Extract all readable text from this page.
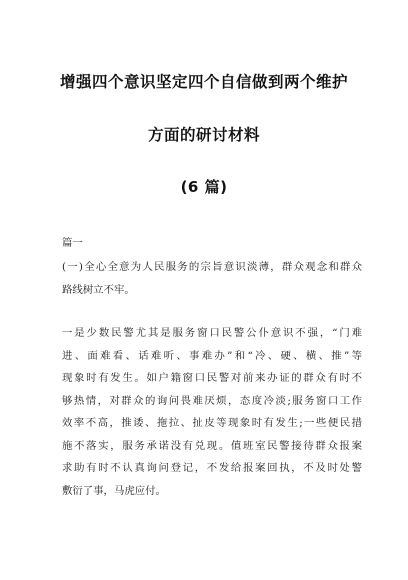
增强四个意识坚定四个自信做到两个维护
方面的研讨材料
(6 篇)
篇一
(一)全心全意为人民服务的宗旨意识淡薄，群众观念和群众
路线树立不牢。
一是少数民警尤其是服务窗口民警公仆意识不强，“门难
进、面难看、话难听、事难办”和“冷、硬、横、推”等
现象时有发生。如户籍窗口民警对前来办证的群众有时不
够热情，对群众的询问畏难厌烦，态度冷淡;服务窗口工作
效率不高，推诿、拖拉、扯皮等现象时有发生;一些便民措
施不落实，服务承诺没有兑现。值班室民警接待群众报案
求助有时不认真询问登记，不发给报案回执，不及时处警
敷衍了事，马虎应付。
